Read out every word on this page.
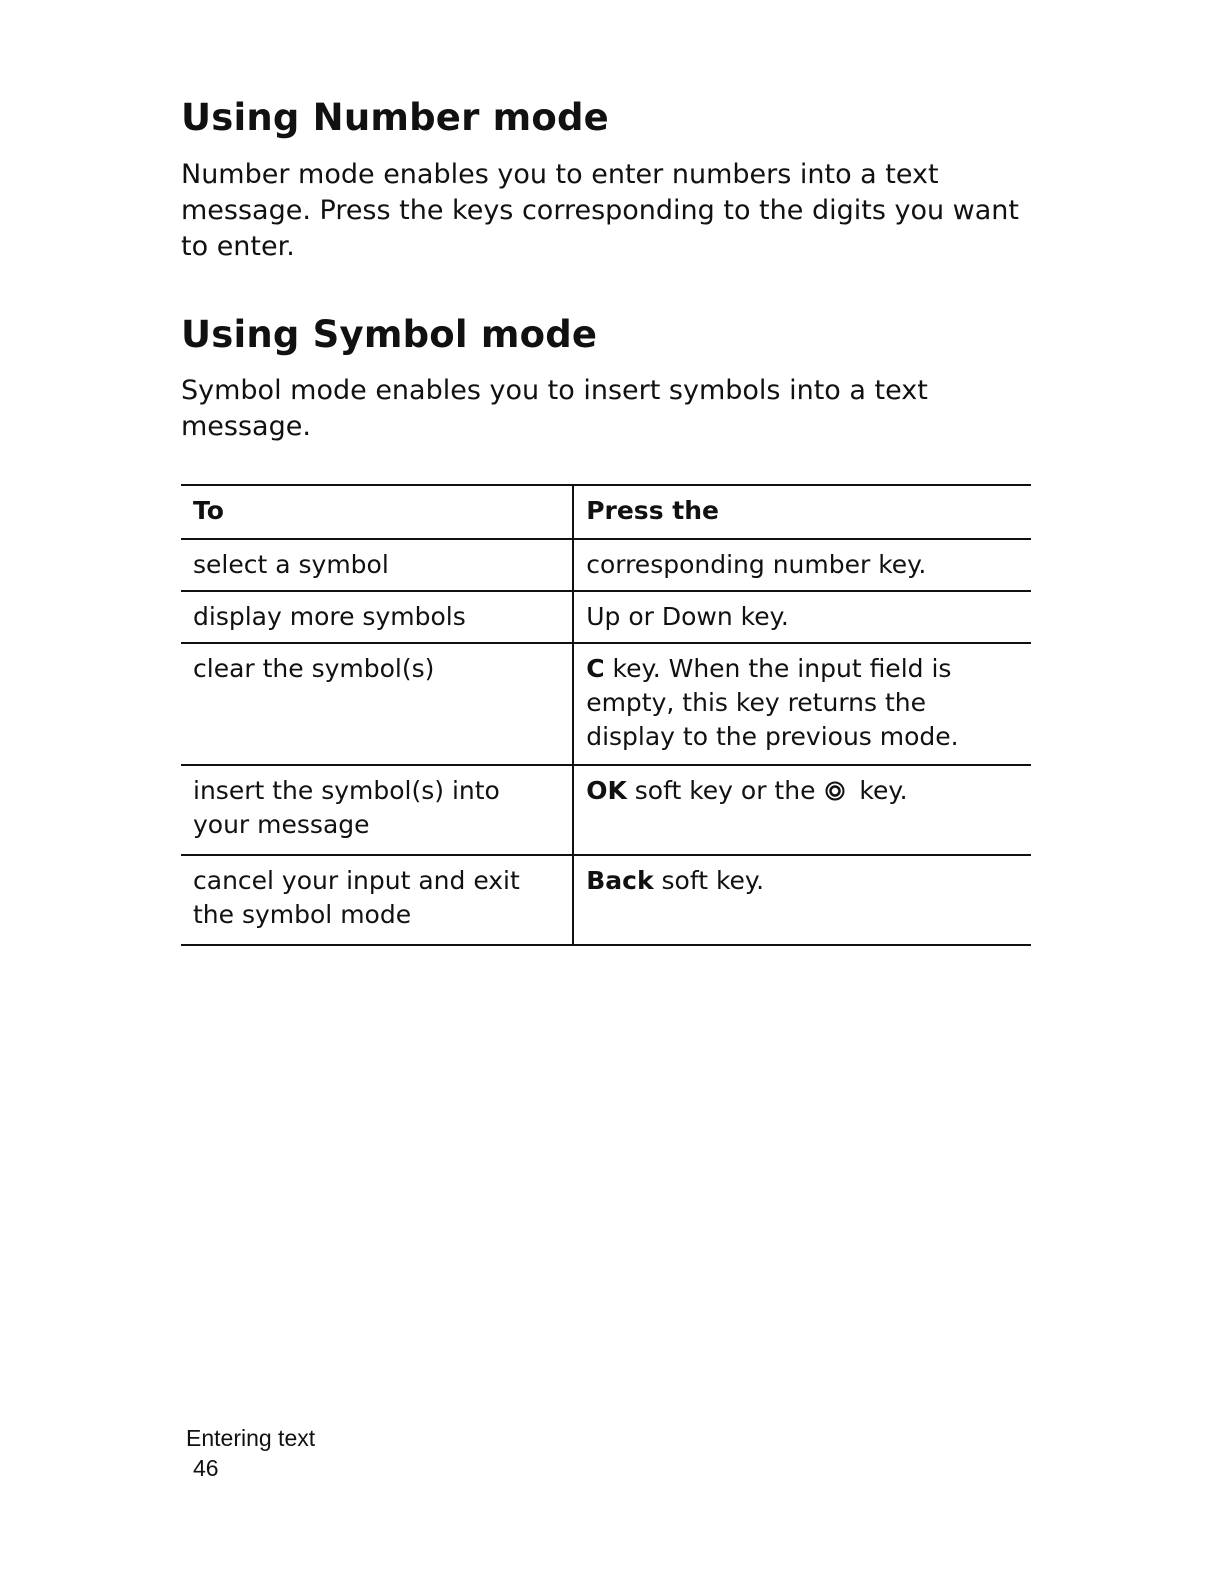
Using Number mode

Number mode enables you to enter numbers into a text message. Press the keys corresponding to the digits you want to enter.

Using Symbol mode

Symbol mode enables you to insert symbols into a text message.

To	Press the
select a symbol	corresponding number key.
display more symbols	Up or Down key.
clear the symbol(s)	C key. When the input field is empty, this key returns the display to the previous mode.
insert the symbol(s) into your message	OK soft key or the  key.
cancel your input and exit the symbol mode	Back soft key.
Entering text
46
